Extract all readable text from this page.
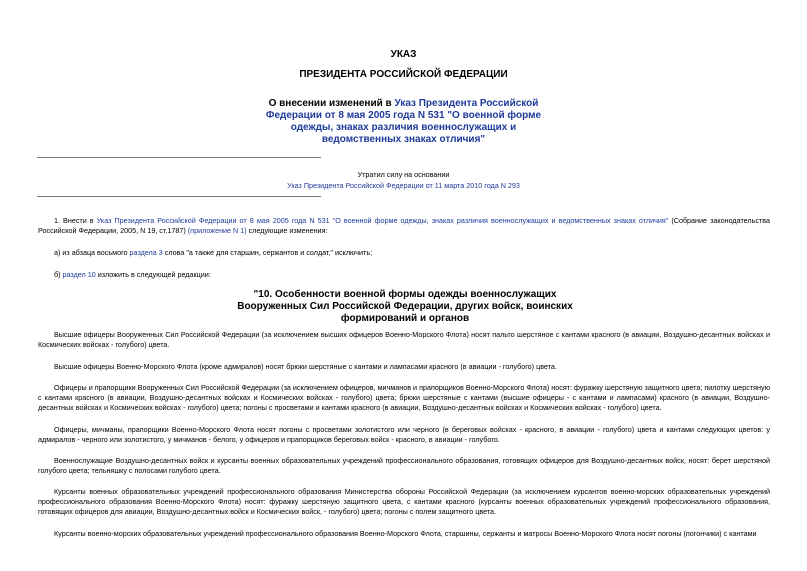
УКАЗ
ПРЕЗИДЕНТА РОССИЙСКОЙ ФЕДЕРАЦИИ
О внесении изменений в Указ Президента Российской
Федерации от 8 мая 2005 года N 531 "О военной форме
одежды, знаках различия военнослужащих и
ведомственных знаках отличия"
Утратил силу на основании
Указ Президента Российской Федерации от 11 марта 2010 года N 293
1. Внести в Указ Президента Российской Федерации от 8 мая 2005 года N 531 "О военной форме одежды, знаках различия военнослужащих и ведомственных знаках отличия" (Собрание законодательства Российской Федерации, 2005, N 19, ст.1787) (приложение N 1) следующие изменения:
а) из абзаца восьмого раздела 3 слова "а также для старшин, сержантов и солдат," исключить;
б) раздел 10 изложить в следующей редакции:
"10. Особенности военной формы одежды военнослужащих
Вооруженных Сил Российской Федерации, других войск, воинских
формирований и органов
Высшие офицеры Вооруженных Сил Российской Федерации (за исключением высших офицеров Военно-Морского Флота) носят пальто шерстяное с кантами красного (в авиации, Воздушно-десантных войсках и Космических войсках - голубого) цвета.
Высшие офицеры Военно-Морского Флота (кроме адмиралов) носят брюки шерстяные с кантами и лампасами красного (в авиации - голубого) цвета.
Офицеры и прапорщики Вооруженных Сил Российской Федерации (за исключением офицеров, мичманов и прапорщиков Военно-Морского Флота) носят: фуражку шерстяную защитного цвета; пилотку шерстяную с кантами красного (в авиации, Воздушно-десантных войсках и Космических войсках - голубого) цвета; брюки шерстяные с кантами (высшие офицеры - с кантами и лампасами) красного (в авиации, Воздушно-десантных войсках и Космических войсках - голубого) цвета; погоны с просветами и кантами красного (в авиации, Воздушно-десантных войсках и Космических войсках - голубого) цвета.
Офицеры, мичманы, прапорщики Военно-Морского Флота носят погоны с просветами золотистого или черного (в береговых войсках - красного, в авиации - голубого) цвета и кантами следующих цветов: у адмиралов - черного или золотистого, у мичманов - белого, у офицеров и прапорщиков береговых войск - красного, в авиации - голубого.
Военнослужащие Воздушно-десантных войск и курсанты военных образовательных учреждений профессионального образования, готовящих офицеров для Воздушно-десантных войск, носят: берет шерстяной голубого цвета; тельняшку с полосами голубого цвета.
Курсанты военных образовательных учреждений профессионального образования Министерства обороны Российской Федерации (за исключением курсантов военно-морских образовательных учреждений профессионального образования Военно-Морского Флота) носят: фуражку шерстяную защитного цвета, с кантами красного (курсанты военных образовательных учреждений профессионального образования, готовящих офицеров для авиации, Воздушно-десантных войск и Космических войск, - голубого) цвета; погоны с полем защитного цвета.
Курсанты военно-морских образовательных учреждений профессионального образования Военно-Морского Флота, старшины, сержанты и матросы Военно-Морского Флота носят погоны (погончики) с кантами
